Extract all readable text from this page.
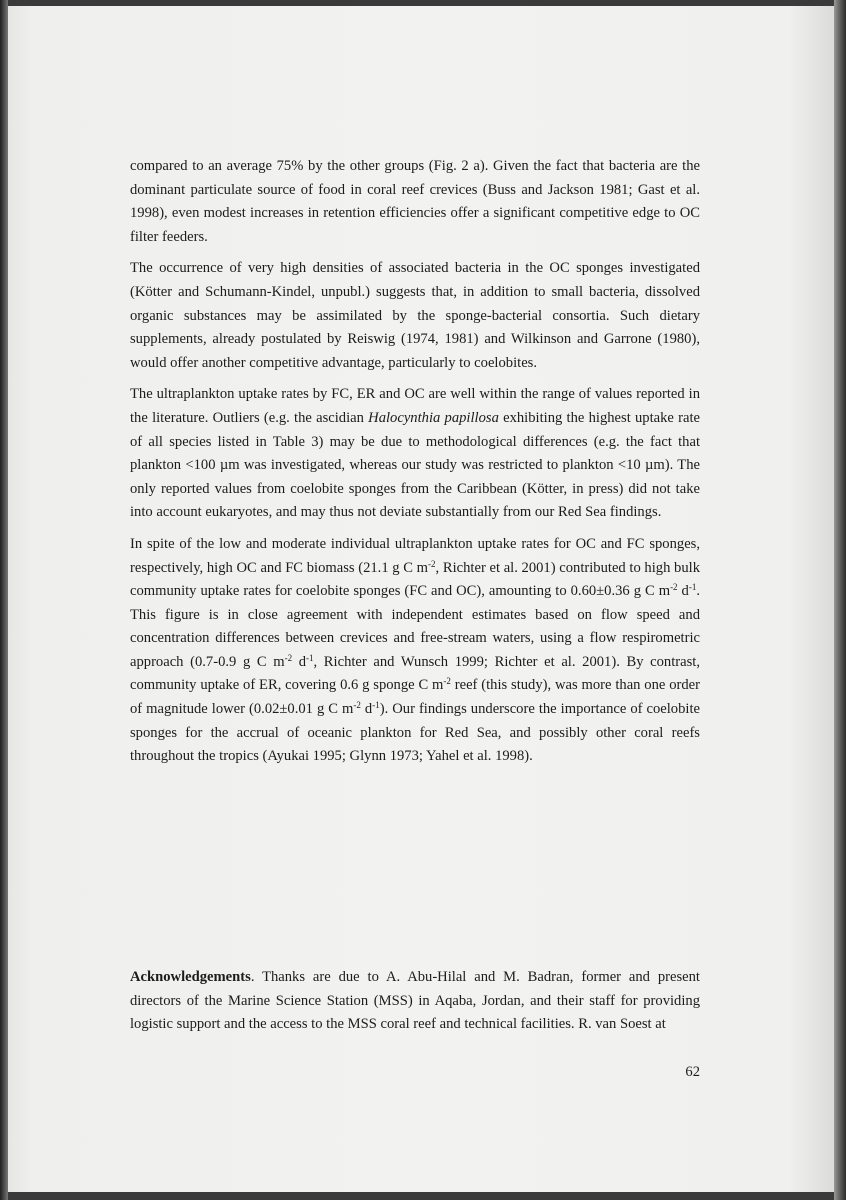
compared to an average 75% by the other groups (Fig. 2 a). Given the fact that bacteria are the dominant particulate source of food in coral reef crevices (Buss and Jackson 1981; Gast et al. 1998), even modest increases in retention efficiencies offer a significant competitive edge to OC filter feeders.

The occurrence of very high densities of associated bacteria in the OC sponges investigated (Kötter and Schumann-Kindel, unpubl.) suggests that, in addition to small bacteria, dissolved organic substances may be assimilated by the sponge-bacterial consortia. Such dietary supplements, already postulated by Reiswig (1974, 1981) and Wilkinson and Garrone (1980), would offer another competitive advantage, particularly to coelobites.

The ultraplankton uptake rates by FC, ER and OC are well within the range of values reported in the literature. Outliers (e.g. the ascidian Halocynthia papillosa exhibiting the highest uptake rate of all species listed in Table 3) may be due to methodological differences (e.g. the fact that plankton <100 µm was investigated, whereas our study was restricted to plankton <10 µm). The only reported values from coelobite sponges from the Caribbean (Kötter, in press) did not take into account eukaryotes, and may thus not deviate substantially from our Red Sea findings.

In spite of the low and moderate individual ultraplankton uptake rates for OC and FC sponges, respectively, high OC and FC biomass (21.1 g C $m^{-2}$, Richter et al. 2001) contributed to high bulk community uptake rates for coelobite sponges (FC and OC), amounting to 0.60±0.36 g C $m^{-2}$ $d^{-1}$. This figure is in close agreement with independent estimates based on flow speed and concentration differences between crevices and free-stream waters, using a flow respirometric approach (0.7-0.9 g C $m^{-2}$ $d^{-1}$, Richter and Wunsch 1999; Richter et al. 2001). By contrast, community uptake of ER, covering 0.6 g sponge C $m^{-2}$ reef (this study), was more than one order of magnitude lower (0.02±0.01 g C $m^{-2}$ $d^{-1}$). Our findings underscore the importance of coelobite sponges for the accrual of oceanic plankton for Red Sea, and possibly other coral reefs throughout the tropics (Ayukai 1995; Glynn 1973; Yahel et al. 1998).

Acknowledgements. Thanks are due to A. Abu-Hilal and M. Badran, former and present directors of the Marine Science Station (MSS) in Aqaba, Jordan, and their staff for providing logistic support and the access to the MSS coral reef and technical facilities. R. van Soest at

62
